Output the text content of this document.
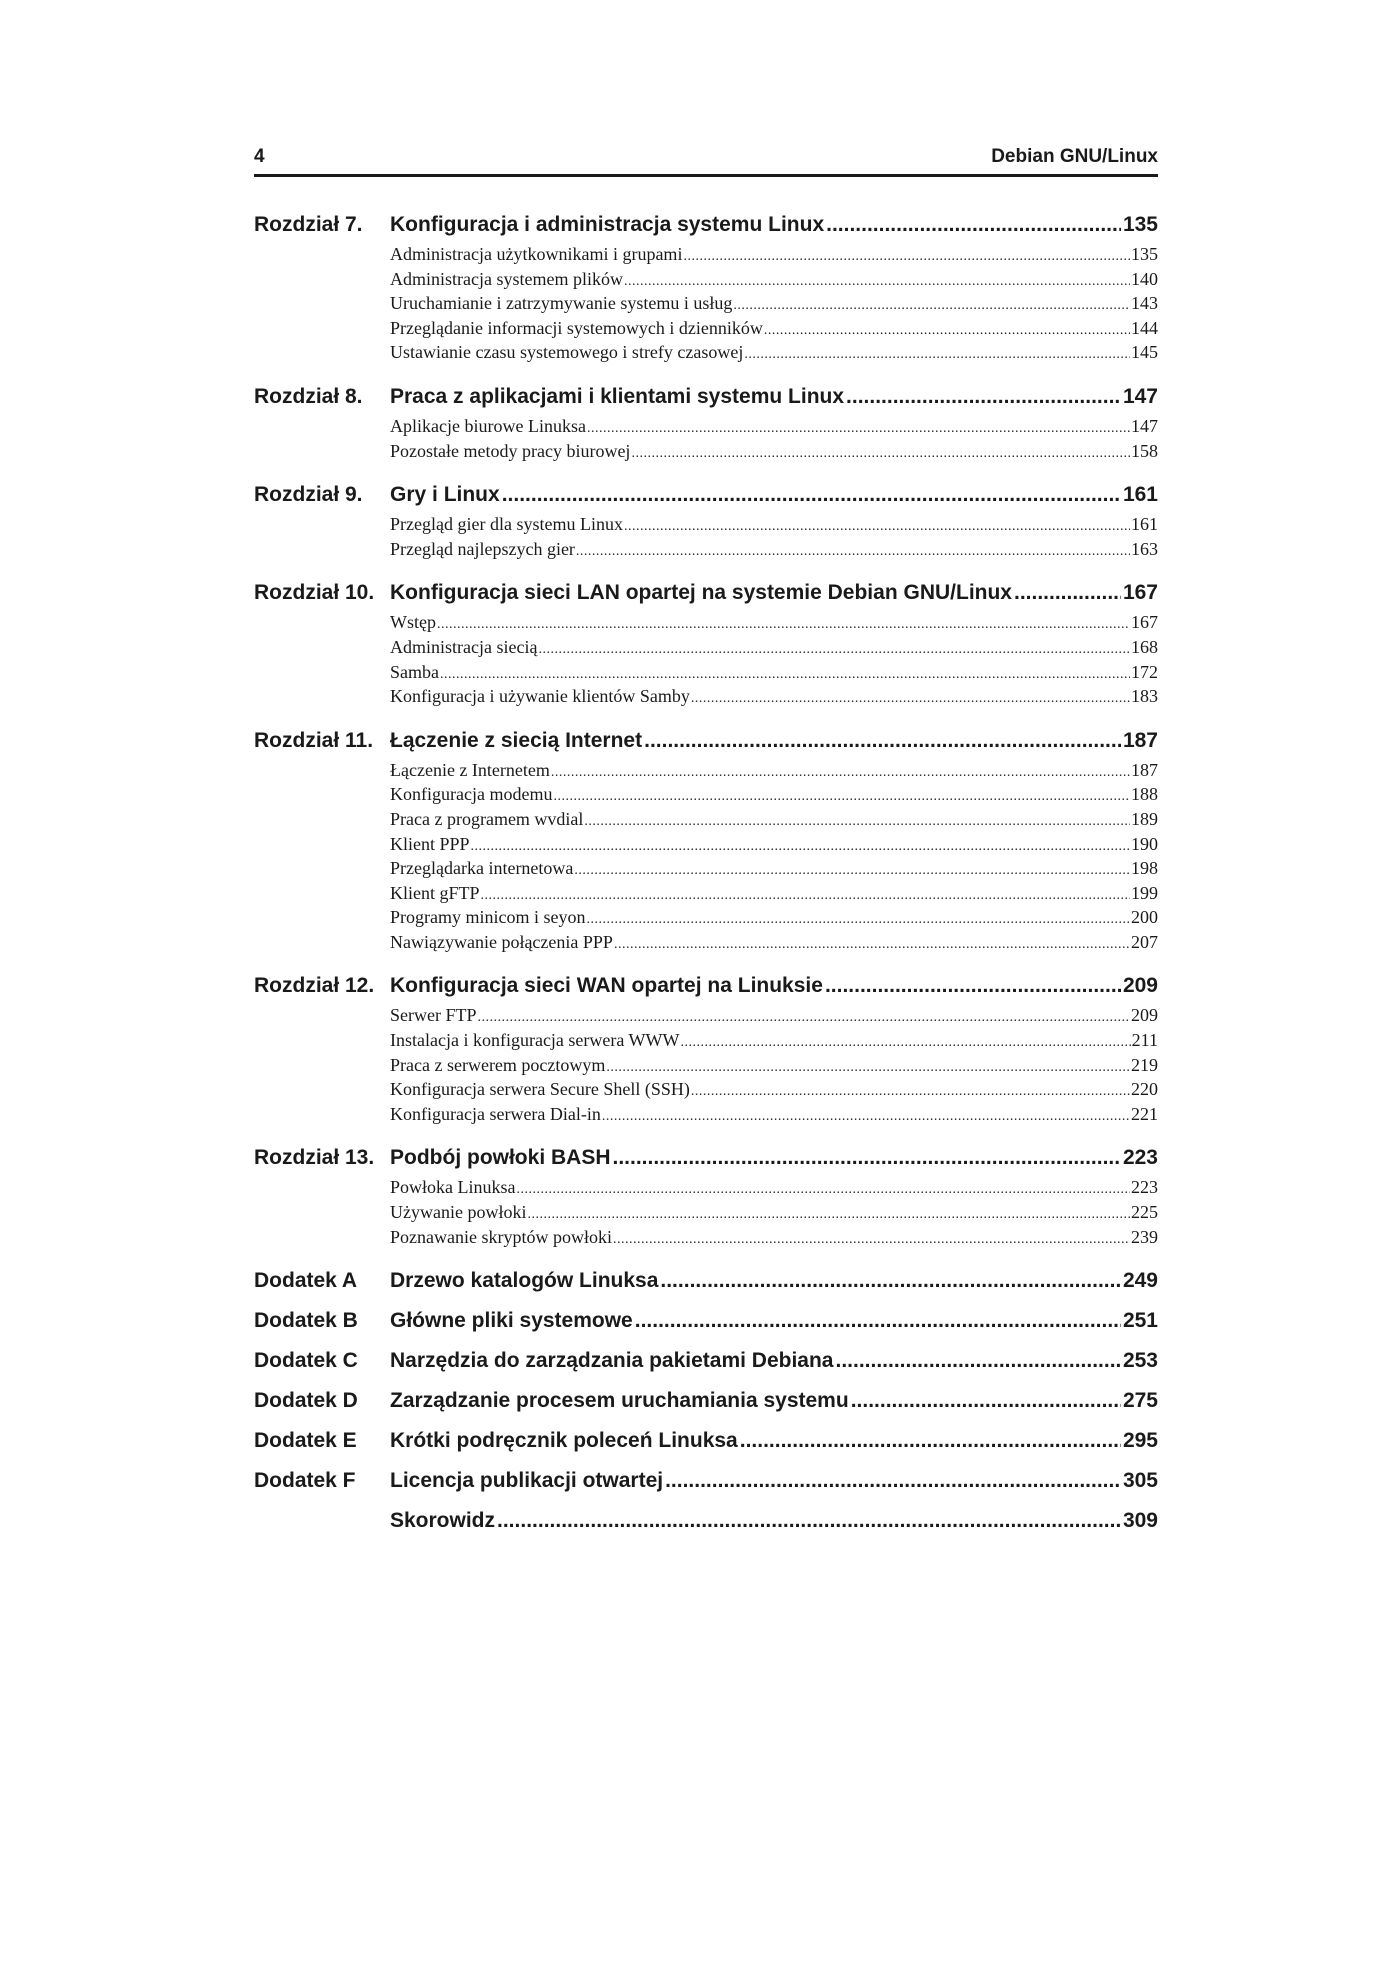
4	Debian GNU/Linux
Rozdział 7.	Konfiguracja i administracja systemu Linux .....	135
Administracja użytkownikami i grupami .....	135
Administracja systemem plików .....	140
Uruchamianie i zatrzymywanie systemu i usług .....	143
Przeglądanie informacji systemowych i dzienników .....	144
Ustawianie czasu systemowego i strefy czasowej .....	145
Rozdział 8.	Praca z aplikacjami i klientami systemu Linux .....	147
Aplikacje biurowe Linuksa .....	147
Pozostałe metody pracy biurowej .....	158
Rozdział 9.	Gry i Linux .....	161
Przegląd gier dla systemu Linux .....	161
Przegląd najlepszych gier .....	163
Rozdział 10. Konfiguracja sieci LAN opartej na systemie Debian GNU/Linux .....	167
Wstęp .....	167
Administracja siecią .....	168
Samba .....	172
Konfiguracja i używanie klientów Samby .....	183
Rozdział 11. Łączenie z siecią Internet .....	187
Łączenie z Internetem .....	187
Konfiguracja modemu .....	188
Praca z programem wvdial .....	189
Klient PPP .....	190
Przeglądarka internetowa .....	198
Klient gFTP .....	199
Programy minicom i seyon .....	200
Nawiązywanie połączenia PPP .....	207
Rozdział 12. Konfiguracja sieci WAN opartej na Linuksie .....	209
Serwer FTP .....	209
Instalacja i konfiguracja serwera WWW .....	211
Praca z serwerem pocztowym .....	219
Konfiguracja serwera Secure Shell (SSH) .....	220
Konfiguracja serwera Dial-in .....	221
Rozdział 13. Podbój powłoki BASH .....	223
Powłoka Linuksa .....	223
Używanie powłoki .....	225
Poznawanie skryptów powłoki .....	239
Dodatek A	Drzewo katalogów Linuksa .....	249
Dodatek B	Główne pliki systemowe .....	251
Dodatek C	Narzędzia do zarządzania pakietami Debiana .....	253
Dodatek D	Zarządzanie procesem uruchamiania systemu .....	275
Dodatek E	Krótki podręcznik poleceń Linuksa .....	295
Dodatek F	Licencja publikacji otwartej .....	305
Skorowidz .....	309
